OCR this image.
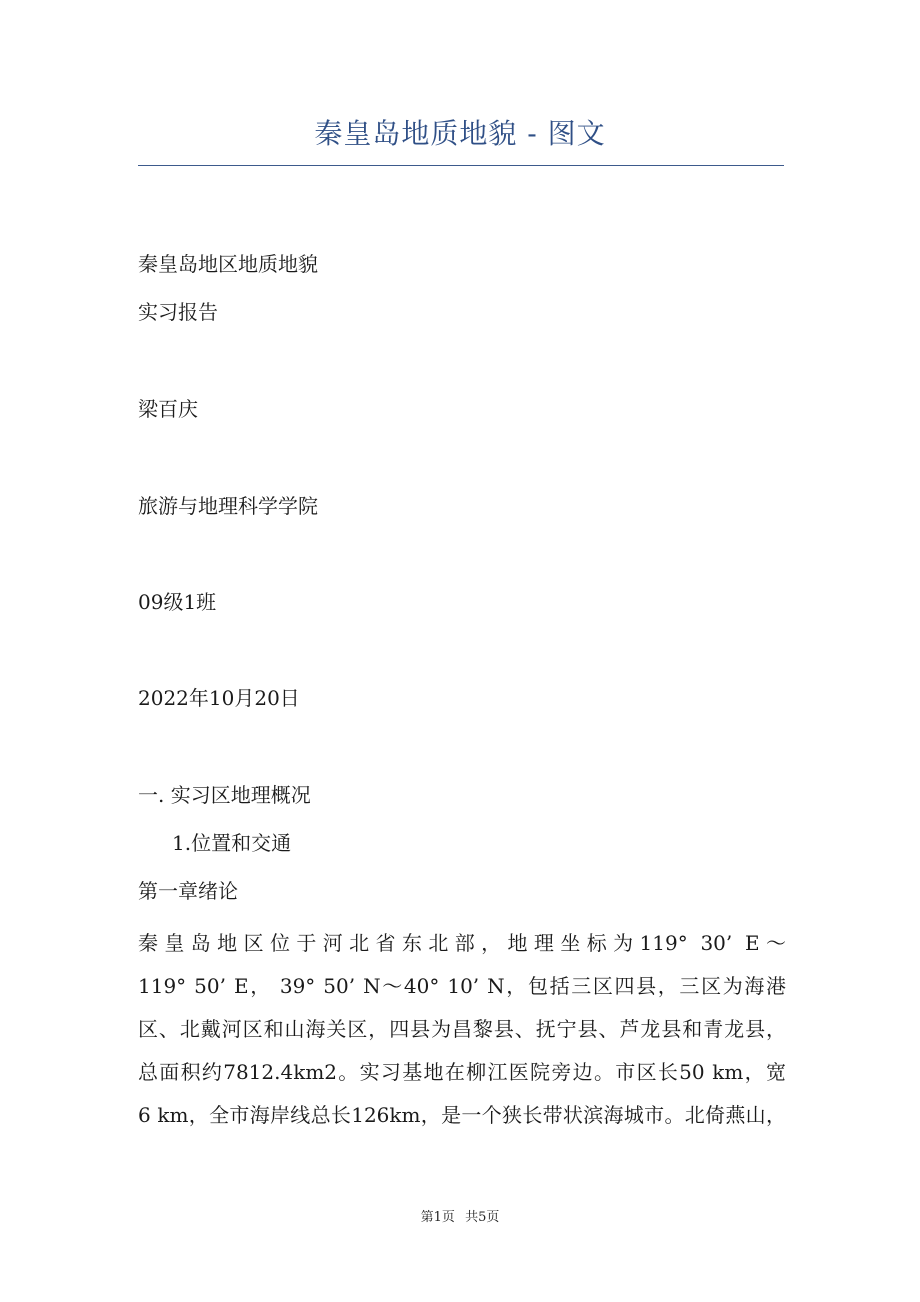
秦皇岛地质地貌 - 图文

秦皇岛地区地质地貌

实习报告

梁百庆

旅游与地理科学学院

09级1班

2022年10月20日

一. 实习区地理概况

1.位置和交通

第一章绪论

秦皇岛地区位于河北省东北部，地理坐标为119° 30’ E～
119° 50’ E， 39° 50’ N～40° 10’ N，包括三区四县，三区为海港
区、北戴河区和山海关区，四县为昌黎县、抚宁县、芦龙县和青龙县，
总面积约7812.4km2。实习基地在柳江医院旁边。市区长50 km，宽
6 km，全市海岸线总长126km，是一个狭长带状滨海城市。北倚燕山，
第1页 共5页
